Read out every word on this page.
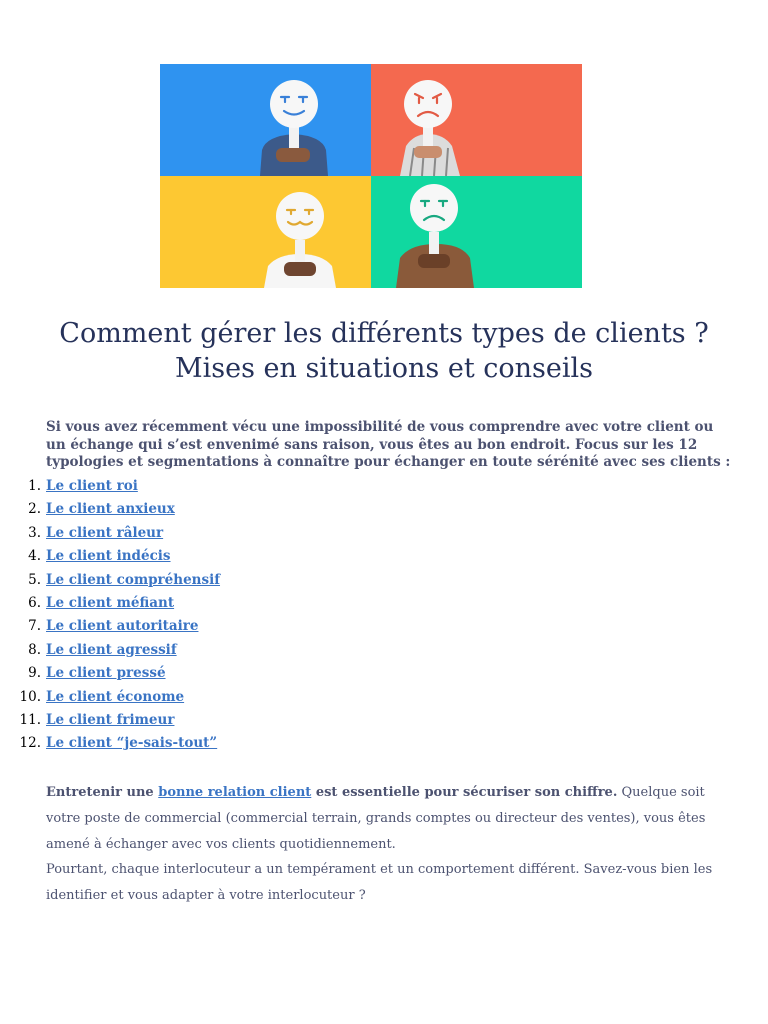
Comment gérer les différents types de clients ?
Mises en situations et conseils

Si vous avez récemment vécu une impossibilité de vous comprendre avec votre client ou un échange qui s’est envenimé sans raison, vous êtes au bon endroit. Focus sur les 12 typologies et segmentations à connaître pour échanger en toute sérénité avec ses clients :

1. Le client roi
2. Le client anxieux
3. Le client râleur
4. Le client indécis
5. Le client compréhensif
6. Le client méfiant
7. Le client autoritaire
8. Le client agressif
9. Le client pressé
10. Le client économe
11. Le client frimeur
12. Le client “je-sais-tout”

Entretenir une bonne relation client est essentielle pour sécuriser son chiffre. Quelque soit votre poste de commercial (commercial terrain, grands comptes ou directeur des ventes), vous êtes amené à échanger avec vos clients quotidiennement.
Pourtant, chaque interlocuteur a un tempérament et un comportement différent. Savez-vous bien les identifier et vous adapter à votre interlocuteur ?
